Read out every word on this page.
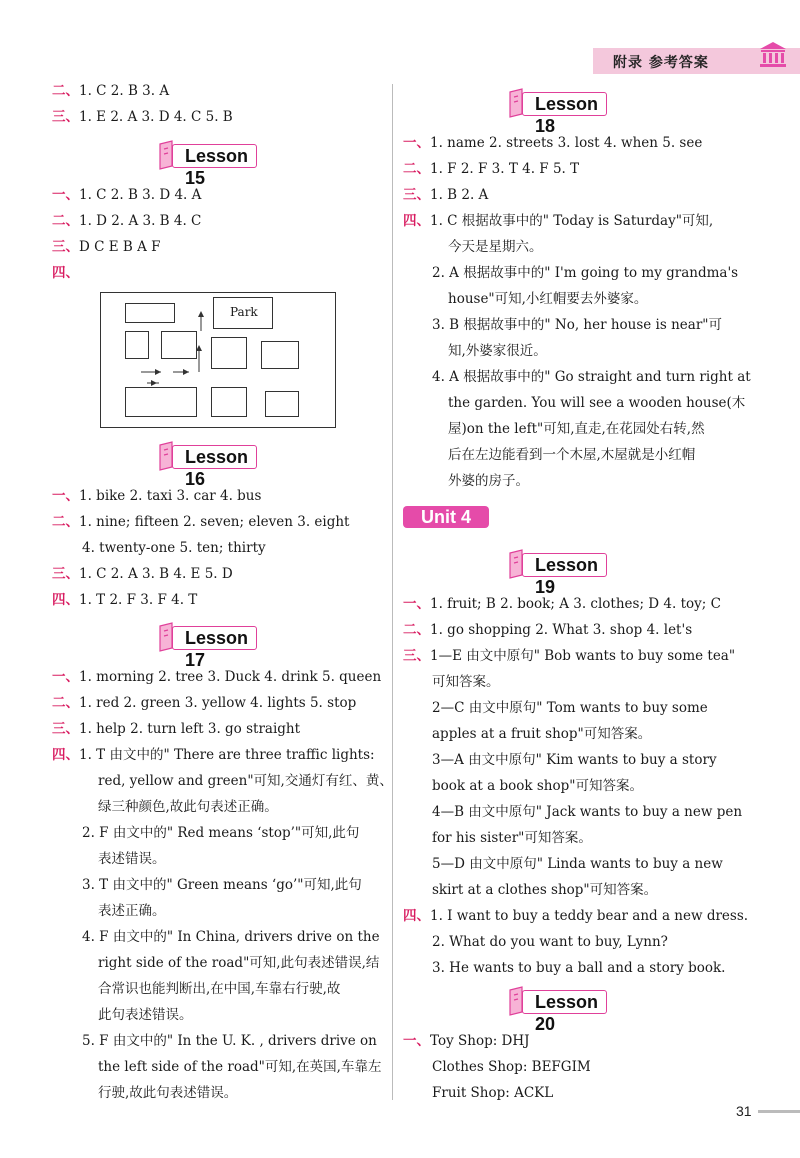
附录 参考答案
二、1. C 2. B 3. A
三、1. E 2. A 3. D 4. C 5. B
Lesson 15
一、1. C 2. B 3. D 4. A
二、1. D 2. A 3. B 4. C
三、D C E B A F
四、
Park
Lesson 16
一、1. bike 2. taxi 3. car 4. bus
二、1. nine; fifteen 2. seven; eleven 3. eight
4. twenty-one 5. ten; thirty
三、1. C 2. A 3. B 4. E 5. D
四、1. T 2. F 3. F 4. T
Lesson 17
一、1. morning 2. tree 3. Duck 4. drink 5. queen
二、1. red 2. green 3. yellow 4. lights 5. stop
三、1. help 2. turn left 3. go straight
四、1. T 由文中的" There are three traffic lights:
red, yellow and green"可知,交通灯有红、黄、
绿三种颜色,故此句表述正确。
2. F 由文中的" Red means ‘stop’"可知,此句
表述错误。
3. T 由文中的" Green means ‘go’"可知,此句
表述正确。
4. F 由文中的" In China, drivers drive on the
right side of the road"可知,此句表述错误,结
合常识也能判断出,在中国,车靠右行驶,故
此句表述错误。
5. F 由文中的" In the U. K. , drivers drive on
the left side of the road"可知,在英国,车靠左
行驶,故此句表述错误。
Lesson 18
一、1. name 2. streets 3. lost 4. when 5. see
二、1. F 2. F 3. T 4. F 5. T
三、1. B 2. A
四、1. C 根据故事中的" Today is Saturday"可知,
今天是星期六。
2. A 根据故事中的" I'm going to my grandma's
house"可知,小红帽要去外婆家。
3. B 根据故事中的" No, her house is near"可
知,外婆家很近。
4. A 根据故事中的" Go straight and turn right at
the garden. You will see a wooden house(木
屋)on the left"可知,直走,在花园处右转,然
后在左边能看到一个木屋,木屋就是小红帽
外婆的房子。
Unit 4
Lesson 19
一、1. fruit; B 2. book; A 3. clothes; D 4. toy; C
二、1. go shopping 2. What 3. shop 4. let's
三、1—E 由文中原句" Bob wants to buy some tea"
可知答案。
2—C 由文中原句" Tom wants to buy some
apples at a fruit shop"可知答案。
3—A 由文中原句" Kim wants to buy a story
book at a book shop"可知答案。
4—B 由文中原句" Jack wants to buy a new pen
for his sister"可知答案。
5—D 由文中原句" Linda wants to buy a new
skirt at a clothes shop"可知答案。
四、1. I want to buy a teddy bear and a new dress.
2. What do you want to buy, Lynn?
3. He wants to buy a ball and a story book.
Lesson 20
一、Toy Shop: DHJ
Clothes Shop: BEFGIM
Fruit Shop: ACKL
31
